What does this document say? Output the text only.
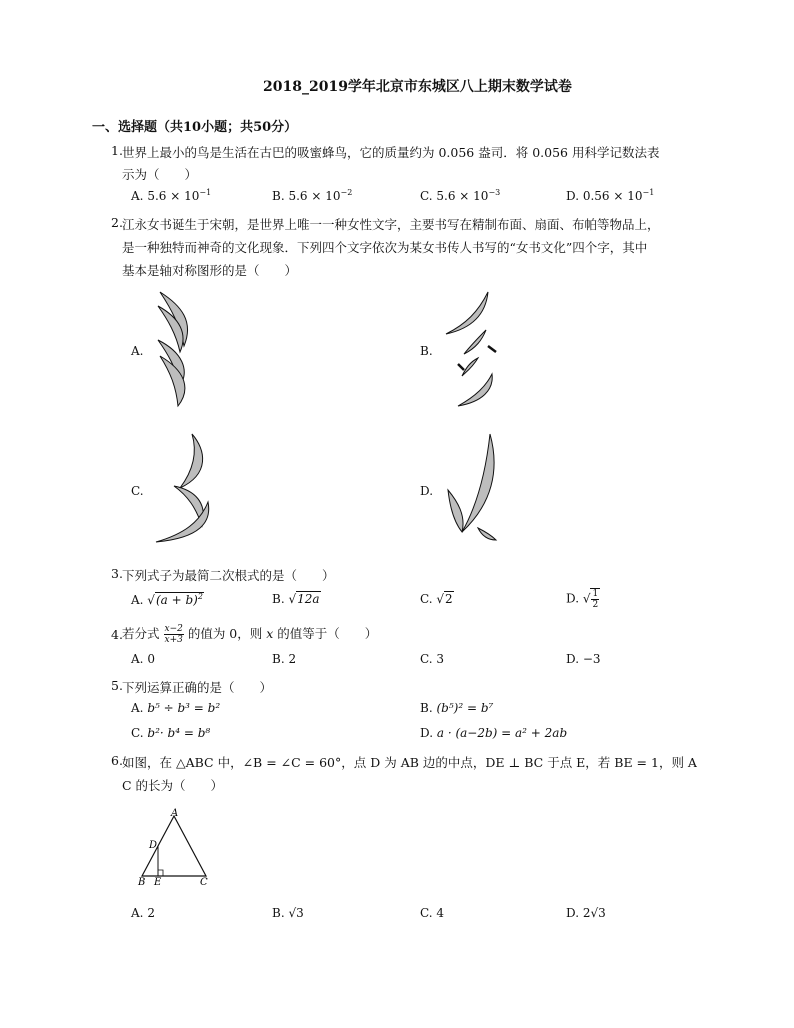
2018_2019学年北京市东城区八上期末数学试卷
一、选择题（共10小题；共50分）
1. 世界上最小的鸟是生活在古巴的吸蜜蜂鸟，它的质量约为 0.056 盎司．将 0.056 用科学记数法表
示为（　　）
A. $5.6 \times 10^{-1}$	B. $5.6 \times 10^{-2}$	C. $5.6 \times 10^{-3}$	D. $0.56 \times 10^{-1}$
2. 江永女书诞生于宋朝，是世界上唯一一种女性文字，主要书写在精制布面、扇面、布帕等物品上，
是一种独特而神奇的文化现象．下列四个文字依次为某女书传人书写的“女书文化”四个字，其中
基本是轴对称图形的是（　　）
A.	B.
C.	D.
3. 下列式子为最简二次根式的是（　　）
A. $√(a + b)^2$	B. √12a	C. √2	D. √ $\frac{1}{2}$
4. 若分式 $\frac{x-2}{x+3}$ 的值为 0，则 x 的值等于（　　）
A. 0	B. 2	C. 3	D. −3
5. 下列运算正确的是（　　）
A. b⁵ ÷ b³ = b²	B. (b⁵)² = b⁷
C. b²· b⁴ = b⁸	D. a · (a−2b) = a² + 2ab
6. 如图，在 △ABC 中，∠B = ∠C = 60°，点 D 为 AB 边的中点，DE ⊥ BC 于点 E，若 BE = 1，则 A
C 的长为（　　）
A
D
B E	C
A. 2	B. √3	C. 4	D. 2√3
